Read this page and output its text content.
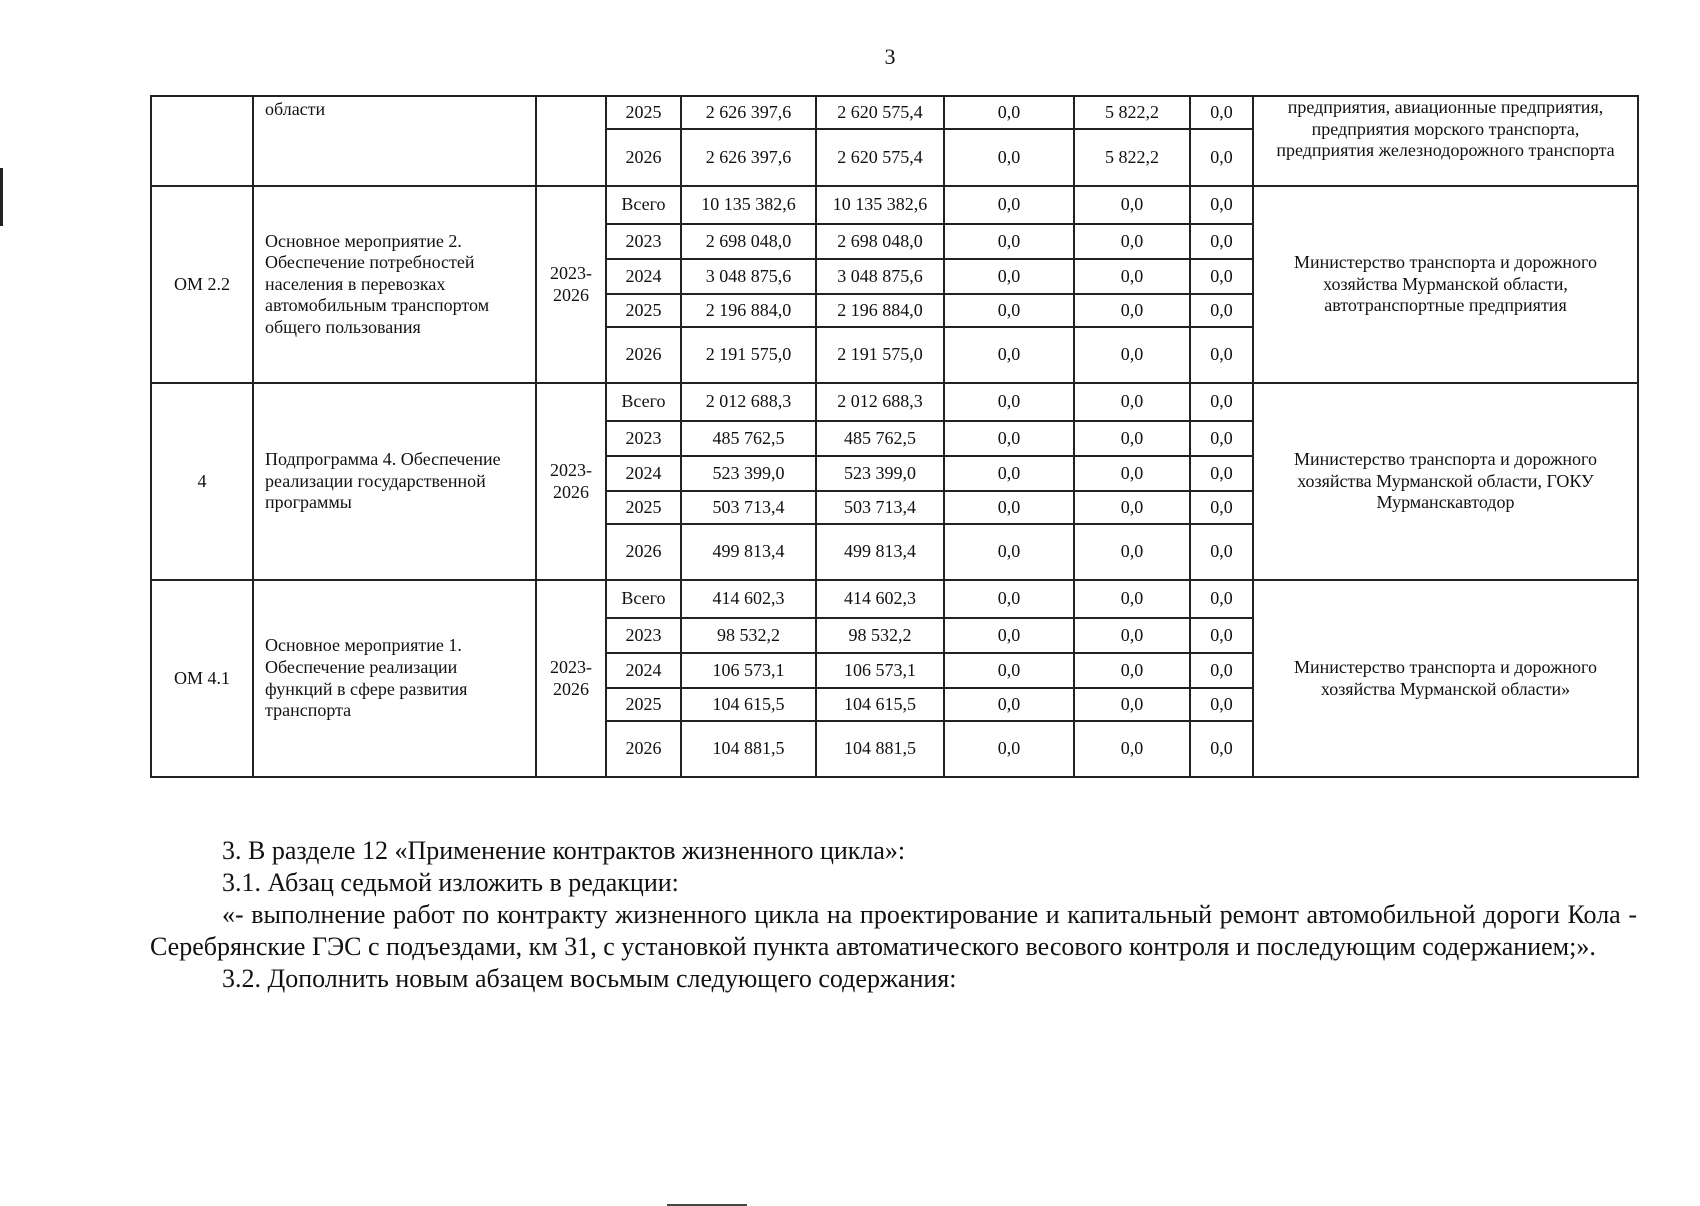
3
	области		2025	2 626 397,6	2 620 575,4	0,0	5 822,2	0,0	предприятия, авиационные предприятия, предприятия морского транспорта, предприятия железнодорожного транспорта
			2026	2 626 397,6	2 620 575,4	0,0	5 822,2	0,0	
ОМ 2.2	Основное мероприятие 2. Обеспечение потребностей населения в перевозках автомобильным транспортом общего пользования	2023-2026	Всего	10 135 382,6	10 135 382,6	0,0	0,0	0,0	Министерство транспорта и дорожного хозяйства Мурманской области, автотранспортные предприятия
			2023	2 698 048,0	2 698 048,0	0,0	0,0	0,0	
			2024	3 048 875,6	3 048 875,6	0,0	0,0	0,0	
			2025	2 196 884,0	2 196 884,0	0,0	0,0	0,0	
			2026	2 191 575,0	2 191 575,0	0,0	0,0	0,0	
4	Подпрограмма 4. Обеспечение реализации государственной программы	2023-2026	Всего	2 012 688,3	2 012 688,3	0,0	0,0	0,0	Министерство транспорта и дорожного хозяйства Мурманской области, ГОКУ Мурманскавтодор
			2023	485 762,5	485 762,5	0,0	0,0	0,0	
			2024	523 399,0	523 399,0	0,0	0,0	0,0	
			2025	503 713,4	503 713,4	0,0	0,0	0,0	
			2026	499 813,4	499 813,4	0,0	0,0	0,0	
ОМ 4.1	Основное мероприятие 1. Обеспечение реализации функций в сфере развития транспорта	2023-2026	Всего	414 602,3	414 602,3	0,0	0,0	0,0	Министерство транспорта и дорожного хозяйства Мурманской области»
			2023	98 532,2	98 532,2	0,0	0,0	0,0	
			2024	106 573,1	106 573,1	0,0	0,0	0,0	
			2025	104 615,5	104 615,5	0,0	0,0	0,0	
			2026	104 881,5	104 881,5	0,0	0,0	0,0	

3. В разделе 12 «Применение контрактов жизненного цикла»:

3.1. Абзац седьмой изложить в редакции:

«- выполнение работ по контракту жизненного цикла на проектирование и капитальный ремонт автомобильной дороги Кола - Серебрянские ГЭС с подъездами, км 31, с установкой пункта автоматического весового контроля и последующим содержанием;».

3.2. Дополнить новым абзацем восьмым следующего содержания:
